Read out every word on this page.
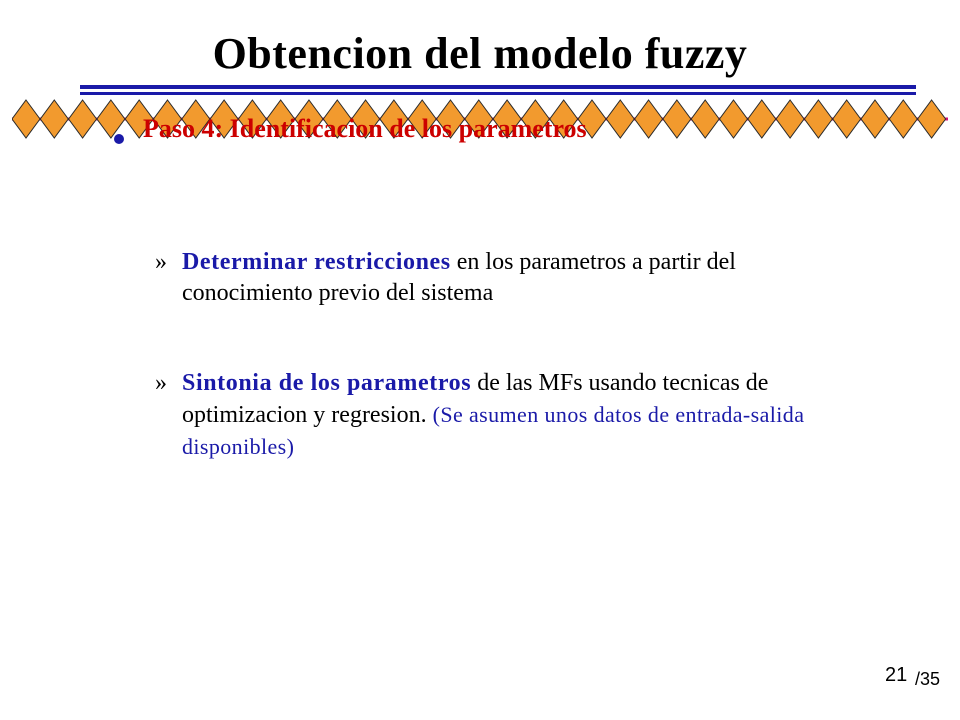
Obtencion del modelo fuzzy
Paso 4: Identificacion de los parametros
» Determinar restricciones en los parametros a partir del conocimiento previo del sistema
» Sintonia de los parametros de las MFs usando tecnicas de optimizacion y regresion. (Se asumen unos datos de entrada-salida disponibles)
21 /35
